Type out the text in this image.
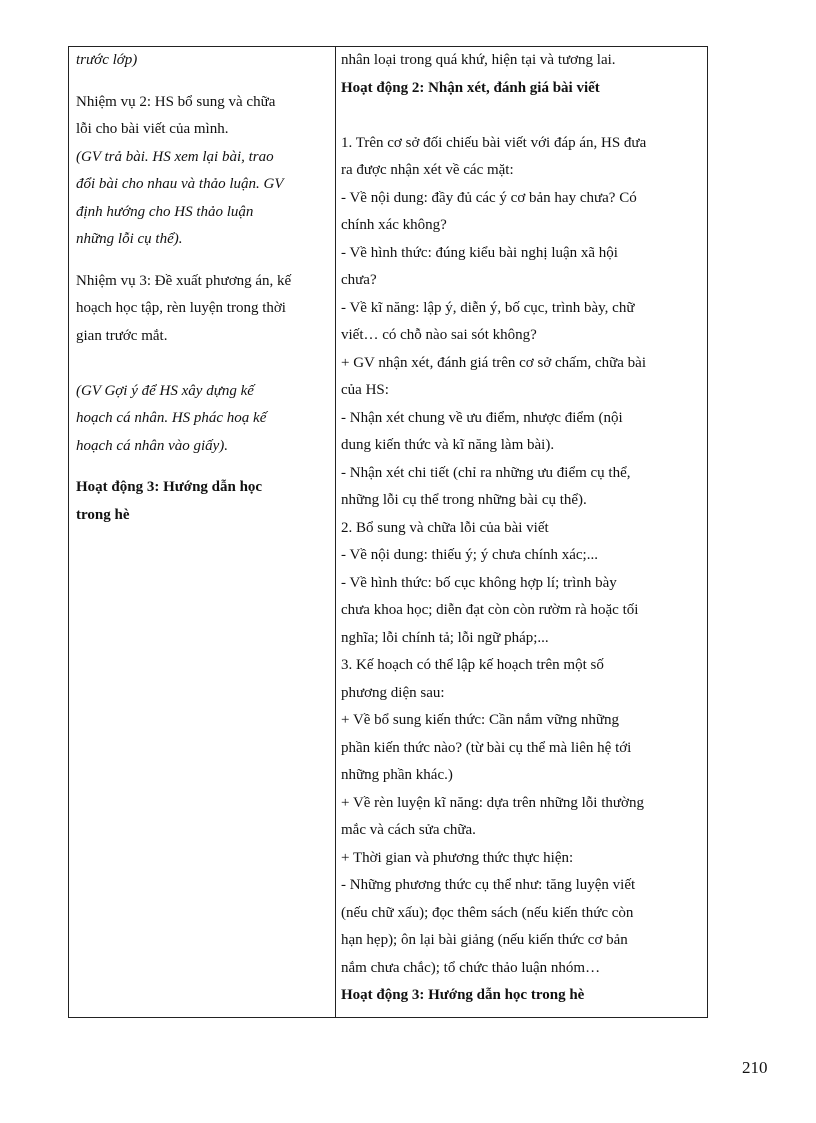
trước lớp)
Nhiệm vụ 2: HS bổ sung và chữa
lỗi cho bài viết của mình.
(GV trả bài. HS xem lại bài, trao
đổi bài cho nhau và thảo luận. GV
định hướng cho HS thảo luận
những lỗi cụ thể).
Nhiệm vụ 3: Đề xuất phương án, kế
hoạch học tập, rèn luyện trong thời
gian trước mắt.
(GV Gợi ý để HS xây dựng kế
hoạch cá nhân. HS phác hoạ kế
hoạch cá nhân vào giấy).
Hoạt động 3: Hướng dẫn học
trong hè
nhân loại trong quá khứ, hiện tại và tương lai.
Hoạt động 2: Nhận xét, đánh giá bài viết
1. Trên cơ sở đối chiếu bài viết với đáp án, HS đưa
ra được nhận xét về các mặt:
- Về nội dung: đầy đủ các ý cơ bản hay chưa? Có
chính xác không?
- Về hình thức: đúng kiểu bài nghị luận xã hội
chưa?
- Về kĩ năng: lập ý, diễn ý, bố cục, trình bày, chữ
viết… có chỗ nào sai sót không?
+ GV nhận xét, đánh giá trên cơ sở chấm, chữa bài
của HS:
- Nhận xét chung về ưu điểm, nhược điểm (nội
dung kiến thức và kĩ năng làm bài).
- Nhận xét chi tiết (chỉ ra những ưu điểm cụ thể,
những lỗi cụ thể trong những bài cụ thể).
2. Bổ sung và chữa lỗi của bài viết
- Về nội dung: thiếu ý; ý chưa chính xác;...
- Về hình thức: bố cục không hợp lí; trình bày
chưa khoa học; diễn đạt còn còn rườm rà hoặc tối
nghĩa; lỗi chính tả; lỗi ngữ pháp;...
3. Kế hoạch có thể lập kế hoạch trên một số
phương diện sau:
+ Về bổ sung kiến thức: Cần nắm vững những
phần kiến thức nào? (từ bài cụ thể mà liên hệ tới
những phần khác.)
+ Về rèn luyện kĩ năng: dựa trên những lỗi thường
mắc và cách sửa chữa.
+ Thời gian và phương thức thực hiện:
- Những phương thức cụ thể như: tăng luyện viết
(nếu chữ xấu); đọc thêm sách (nếu kiến thức còn
hạn hẹp); ôn lại bài giảng (nếu kiến thức cơ bản
nắm chưa chắc); tổ chức thảo luận nhóm…
Hoạt động 3: Hướng dẫn học trong hè
210
